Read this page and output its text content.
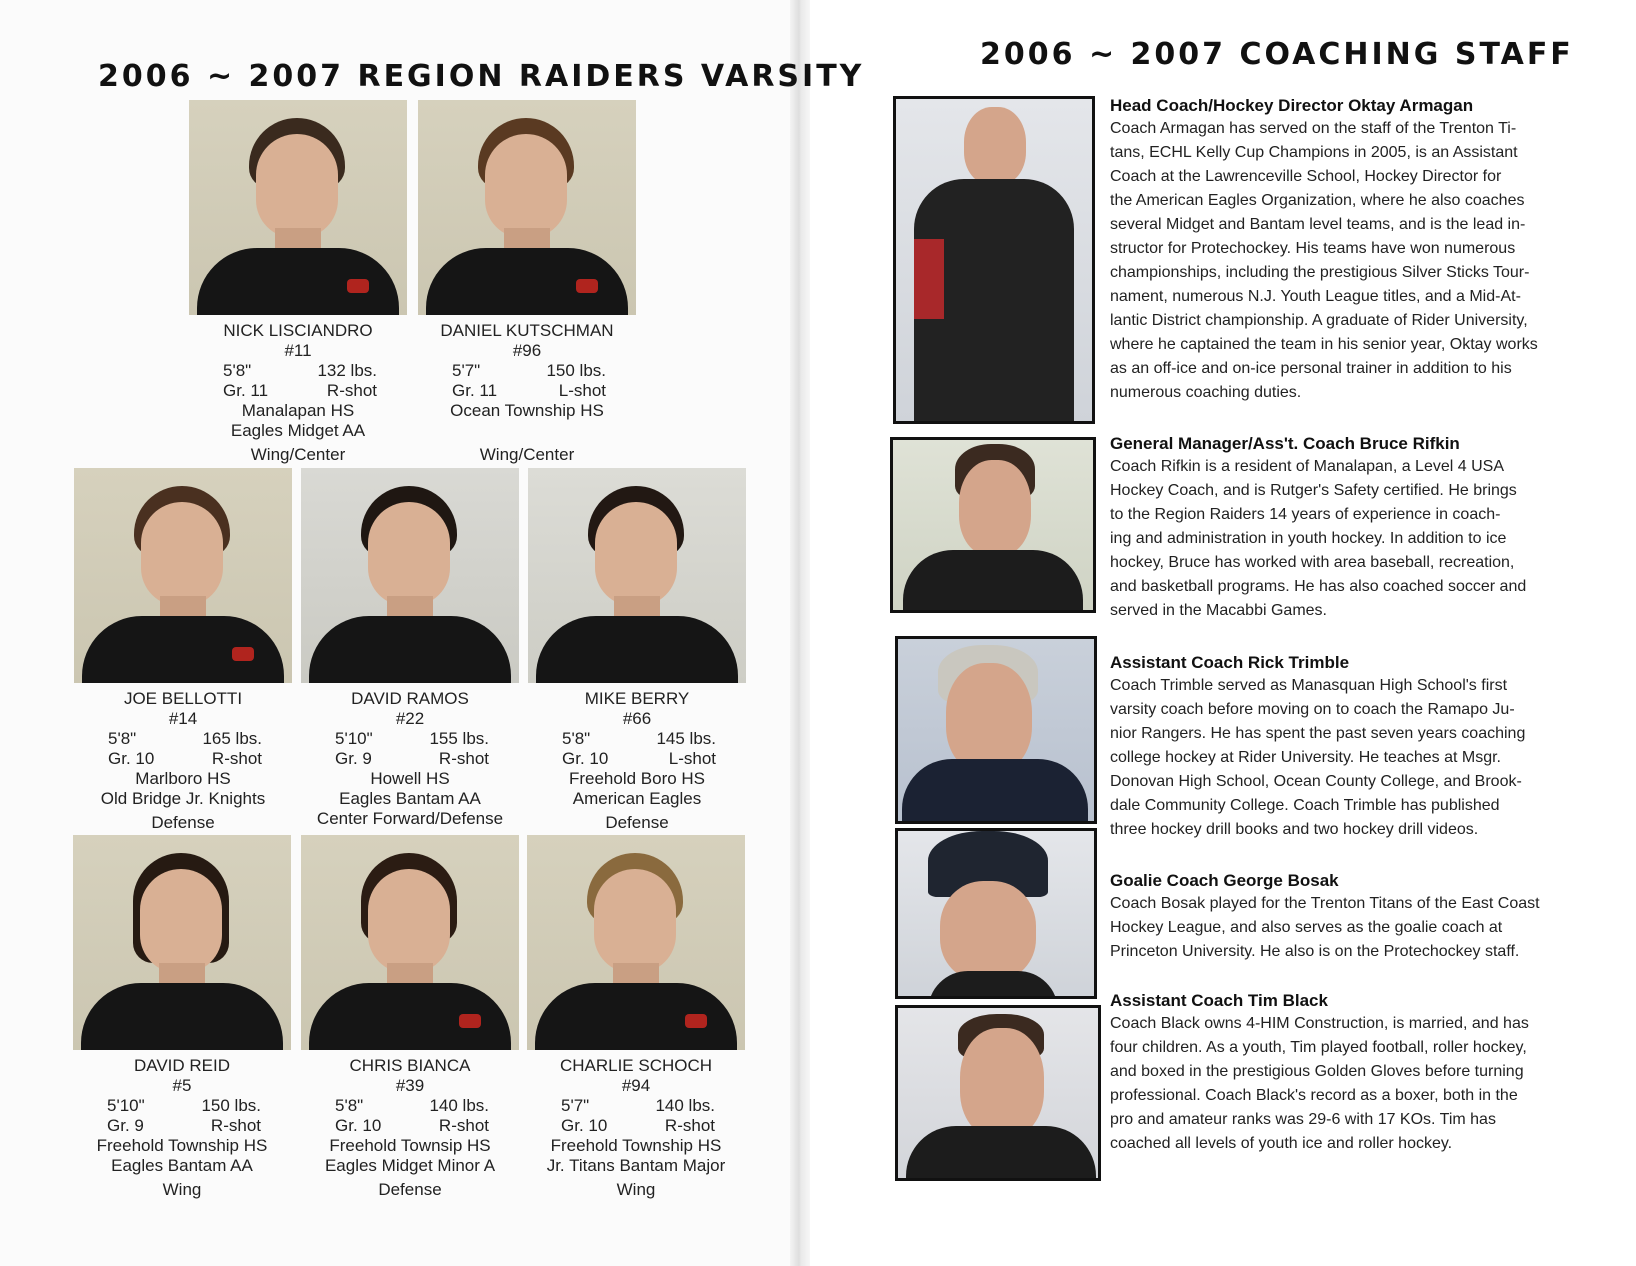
2006 ~ 2007 REGION RAIDERS VARSITY
NICK LISCIANDRO
#11
5'8"	132 lbs.
Gr. 11	R-shot
Manalapan HS
Eagles Midget AA
Wing/Center
DANIEL KUTSCHMAN
#96
5'7"	150 lbs.
Gr. 11	L-shot
Ocean Township HS
Wing/Center
JOE BELLOTTI
#14
5'8"	165 lbs.
Gr. 10	R-shot
Marlboro HS
Old Bridge Jr. Knights
Defense
DAVID RAMOS
#22
5'10"	155 lbs.
Gr. 9	R-shot
Howell HS
Eagles Bantam AA
Center Forward/Defense
MIKE BERRY
#66
5'8"	145 lbs.
Gr. 10	L-shot
Freehold Boro HS
American Eagles
Defense
DAVID REID
#5
5'10"	150 lbs.
Gr. 9	R-shot
Freehold Township HS
Eagles Bantam AA
Wing
CHRIS BIANCA
#39
5'8"	140 lbs.
Gr. 10	R-shot
Freehold Townsip HS
Eagles Midget Minor A
Defense
CHARLIE SCHOCH
#94
5'7"	140 lbs.
Gr. 10	R-shot
Freehold Township HS
Jr. Titans Bantam Major
Wing
2006 ~ 2007 COACHING STAFF
Head Coach/Hockey Director Oktay Armagan
Coach Armagan has served on the staff of the Trenton Ti-
tans, ECHL Kelly Cup Champions in 2005, is an Assistant
Coach at the Lawrenceville School, Hockey Director for
the American Eagles Organization, where he also coaches
several Midget and Bantam level teams, and is the lead in-
structor for Protechockey. His teams have won numerous
championships, including the prestigious Silver Sticks Tour-
nament, numerous N.J. Youth League titles, and a Mid-At-
lantic District championship. A graduate of Rider University,
where he captained the team in his senior year, Oktay works
as an off-ice and on-ice personal trainer in addition to his
numerous coaching duties.
General Manager/Ass't. Coach Bruce Rifkin
Coach Rifkin is a resident of Manalapan, a Level 4 USA
Hockey Coach, and is Rutger's Safety certified. He brings
to the Region Raiders 14 years of experience in coach-
ing and administration in youth hockey. In addition to ice
hockey, Bruce has worked with area baseball, recreation,
and basketball programs. He has also coached soccer and
served in the Macabbi Games.
Assistant Coach Rick Trimble
Coach Trimble served as Manasquan High School's first
varsity coach before moving on to coach the Ramapo Ju-
nior Rangers. He has spent the past seven years coaching
college hockey at Rider University. He teaches at Msgr.
Donovan High School, Ocean County College, and Brook-
dale Community College. Coach Trimble has published
three hockey drill books and two hockey drill videos.
Goalie Coach George Bosak
Coach Bosak played for the Trenton Titans of the East Coast
Hockey League, and also serves as the goalie coach at
Princeton University. He also is on the Protechockey staff.
Assistant Coach Tim Black
Coach Black owns 4-HIM Construction, is married, and has
four children. As a youth, Tim played football, roller hockey,
and boxed in the prestigious Golden Gloves before turning
professional. Coach Black's record as a boxer, both in the
pro and amateur ranks was 29-6 with 17 KOs. Tim has
coached all levels of youth ice and roller hockey.
